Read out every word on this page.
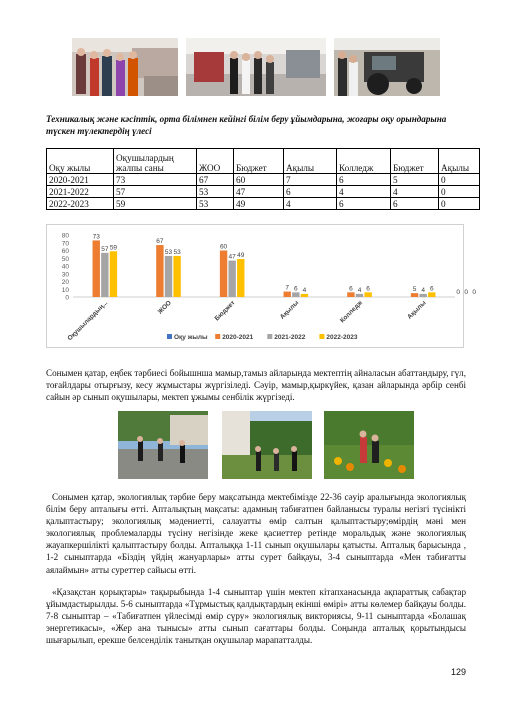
Техникалық және кәсіптік, орта білімнен кейінгі білім беру ұйымдарына, жоғары оқу орындарына түскен түлектердің үлесі

Оқу жылы	Оқушылардың жалпы саны	ЖОО	Бюджет	Ақылы	Колледж	Бюджет	Ақылы
2020-2021	73	67	60	7	6	5	0
2021-2022	57	53	47	6	4	4	0
2022-2023	59	53	49	4	6	6	0
0
10
20
30
40
50
60
70
80	73
57 59
Оқушылардың...
67
53 53
ЖОО
60
47 49
Бюджет
7 6 4
Ақылы
6 4 6
Колледж
5 4 6
Ақылы
0 0 0
Оқу жылы 2020-2021	2021-2022	2022-2023

Сонымен қатар, еңбек тәрбиесі бойышнша мамыр,тамыз айларында мектептің айналасын абаттандыру, гүл, тоғайлдары отырғызу, кесу жұмыстары жүргізіледі. Сәуір, мамыр,қыркүйек, қазан айларында әрбір сенбі сайын әр сынып оқушылары, мектеп ұжымы сенбілік жүргізеді.

Сонымен қатар, экологиялық тәрбие беру мақсатында мектебімізде 22-36 сәуір аралығында экологиялық білім беру апталығы өтті. Апталықтың мақсаты: адамның табиғатпен байланысы туралы негізгі түсінікті қалыптастыру; экологиялық мәдениетті, салауатты өмір салтын қалыптастыру;өмірдің мәні мен экологиялық проблемаларды түсіну негізінде жеке қасиеттер ретінде моральдық және экологиялық жауапкершілікті қалыптастыру болды. Апталыққа 1-11 сынып оқушылары қатысты. Апталық барысында , 1-2 сыныптарда «Біздің үйдің жануарлары» атты сурет байқауы, 3-4 сыныптарда «Мен табиғатты аялаймын» атты суреттер сайысы өтті.

«Қазақстан қорықтары» тақырыбында 1-4 сыныптар үшін мектеп кітапханасында ақпараттық сабақтар ұйымдастырылды. 5-6 сыныптарда «Тұрмыстық қалдықтардың екінші өмірі» атты көлемер байқауы болды. 7-8 сыныптар – «Табиғатпен үйлесімді өмір сүру» экологиялық викториясы, 9-11 сыныптарда «Болашақ энергетикасы», «Жер ана тынысы» атты сынып сағаттары болды. Соңында апталық қорытындысы шығарылып, ерекше белсенділік танытқан оқушылар марапатталды.

129
